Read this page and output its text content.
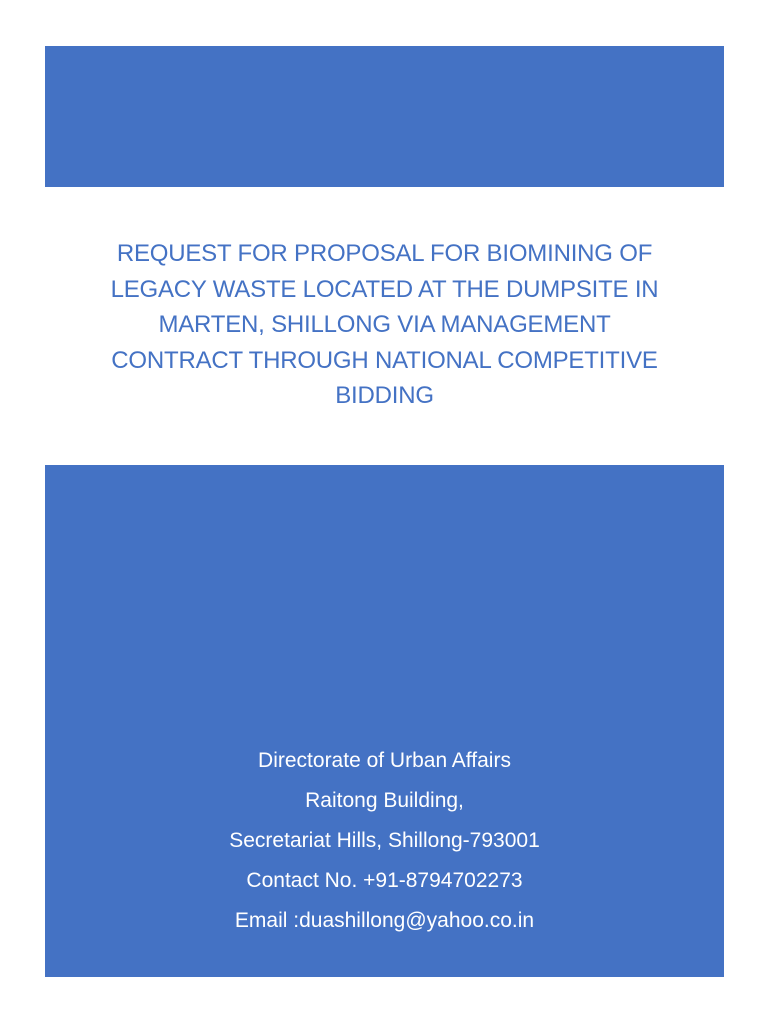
REQUEST FOR PROPOSAL FOR BIOMINING OF
LEGACY WASTE LOCATED AT THE DUMPSITE IN
MARTEN, SHILLONG VIA MANAGEMENT
CONTRACT THROUGH NATIONAL COMPETITIVE
BIDDING
Directorate of Urban Affairs
Raitong Building,
Secretariat Hills, Shillong-793001
Contact No. +91-8794702273
Email :duashillong@yahoo.co.in
